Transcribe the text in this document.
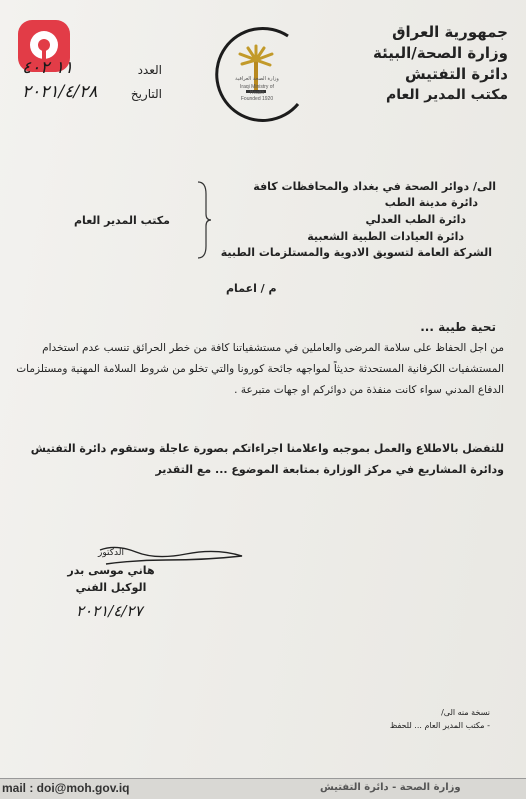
جمهورية العراق
وزارة الصحة/البيئة
دائرة التفتيش
مكتب المدير العام
وزارة الصحة العراقية
Iraqi Ministry of Health
Founded 1920
العدد
١١ ٤٠٢
التاريخ
٢٠٢١/٤/٢٨
الى/ دوائر الصحة في بغداد والمحافظات كافة
دائرة مدينة الطب
دائرة الطب العدلي
دائرة العيادات الطبية الشعبية
الشركة العامة لتسويق الادوية والمستلزمات الطبية
مكتب المدير العام
م / اعمام
تحية طيبة ...
من اجل الحفاظ على سلامة المرضى والعاملين في مستشفياتنا كافة من خطر الحرائق تنسب عدم استخدام المستشفيات الكرفانية المستحدثة حديثاً لمواجهه جائحة كورونا والتي تخلو من شروط السلامة المهنية ومستلزمات الدفاع المدني سواء كانت منفذة من دوائركم او جهات متبرعة .
للتفضل بالاطلاع والعمل بموجبه واعلامنا اجراءاتكم بصورة عاجلة وستقوم دائرة التفتيش ودائرة المشاريع في مركز الوزارة بمتابعة الموضوع ... مع التقدير
الدكتور
هاني موسى بدر
الوكيل الفني
٢٠٢١/٤/٢٧
نسخة منه الى/
- مكتب المدير العام ... للحفظ
mail : doi@moh.gov.iq	وزارة الصحة - دائرة التفتيش
